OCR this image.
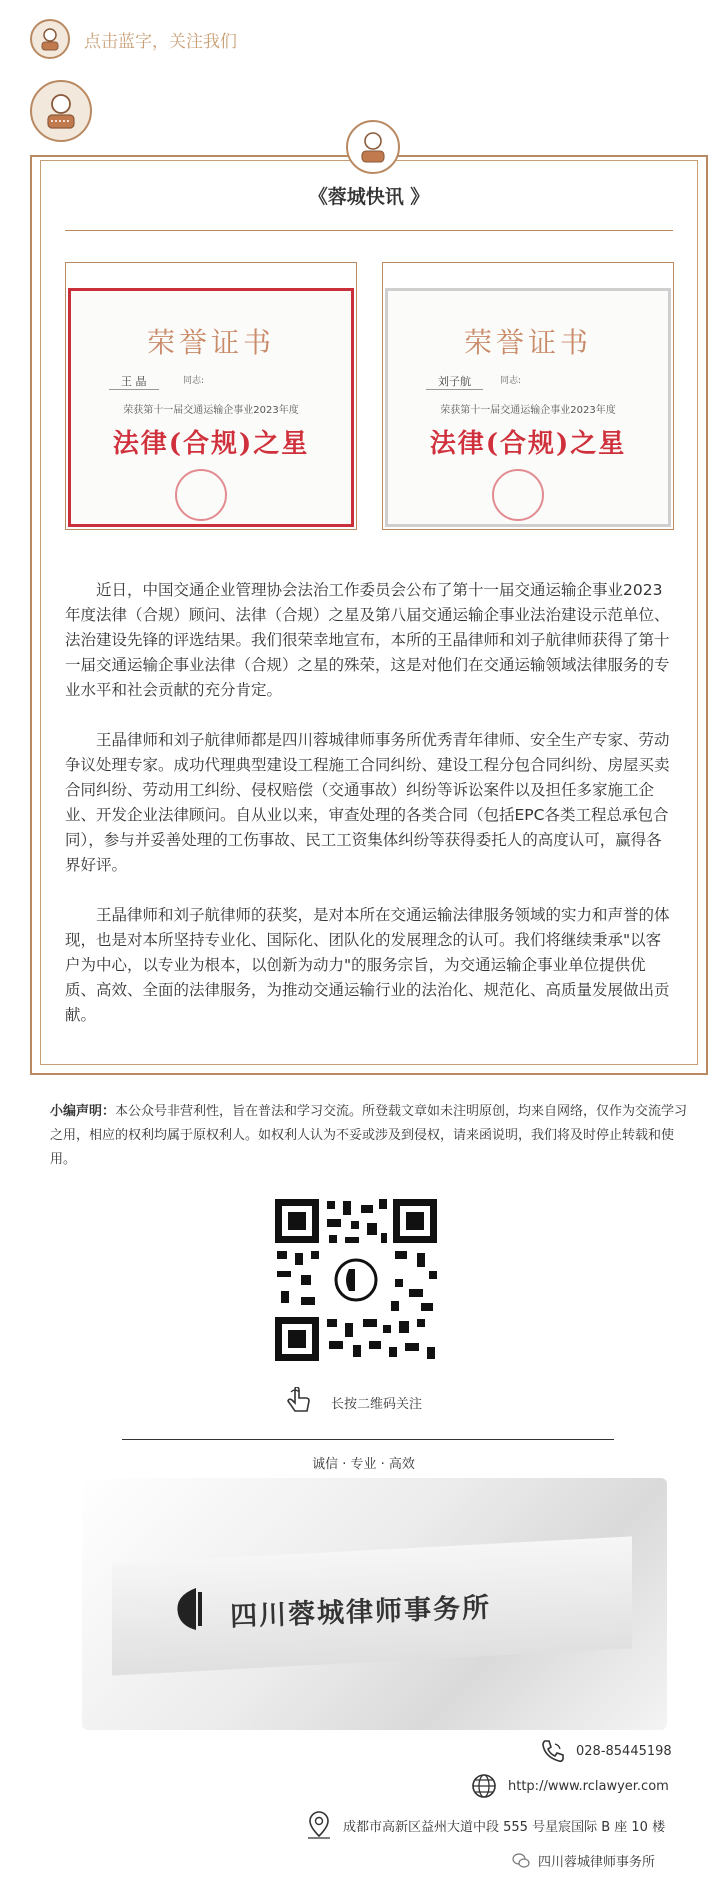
点击蓝字，关注我们
《蓉城快讯 》
荣誉证书
王 晶	同志:
荣获第十一届交通运输企事业2023年度
法律(合规)之星
荣誉证书
刘子航	同志:
荣获第十一届交通运输企事业2023年度
法律(合规)之星

近日，中国交通企业管理协会法治工作委员会公布了第十一届交通运输企事业2023年度法律（合规）顾问、法律（合规）之星及第八届交通运输企事业法治建设示范单位、法治建设先锋的评选结果。我们很荣幸地宣布，本所的王晶律师和刘子航律师获得了第十一届交通运输企事业法律（合规）之星的殊荣，这是对他们在交通运输领域法律服务的专业水平和社会贡献的充分肯定。

王晶律师和刘子航律师都是四川蓉城律师事务所优秀青年律师、安全生产专家、劳动争议处理专家。成功代理典型建设工程施工合同纠纷、建设工程分包合同纠纷、房屋买卖合同纠纷、劳动用工纠纷、侵权赔偿（交通事故）纠纷等诉讼案件以及担任多家施工企业、开发企业法律顾问。自从业以来，审查处理的各类合同（包括EPC各类工程总承包合同），参与并妥善处理的工伤事故、民工工资集体纠纷等获得委托人的高度认可，赢得各界好评。

王晶律师和刘子航律师的获奖，是对本所在交通运输法律服务领域的实力和声誉的体现，也是对本所坚持专业化、国际化、团队化的发展理念的认可。我们将继续秉承"以客户为中心，以专业为根本，以创新为动力"的服务宗旨，为交通运输企事业单位提供优质、高效、全面的法律服务，为推动交通运输行业的法治化、规范化、高质量发展做出贡献。

小编声明：本公众号非营利性，旨在普法和学习交流。所登载文章如未注明原创，均来自网络，仅作为交流学习之用，相应的权利均属于原权利人。如权利人认为不妥或涉及到侵权，请来函说明，我们将及时停止转载和使用。
长按二维码关注
诚信 · 专业 · 高效
四川蓉城律师事务所
028-85445198
http://www.rclawyer.com
成都市高新区益州大道中段 555 号星宸国际 B 座 10 楼
四川蓉城律师事务所
